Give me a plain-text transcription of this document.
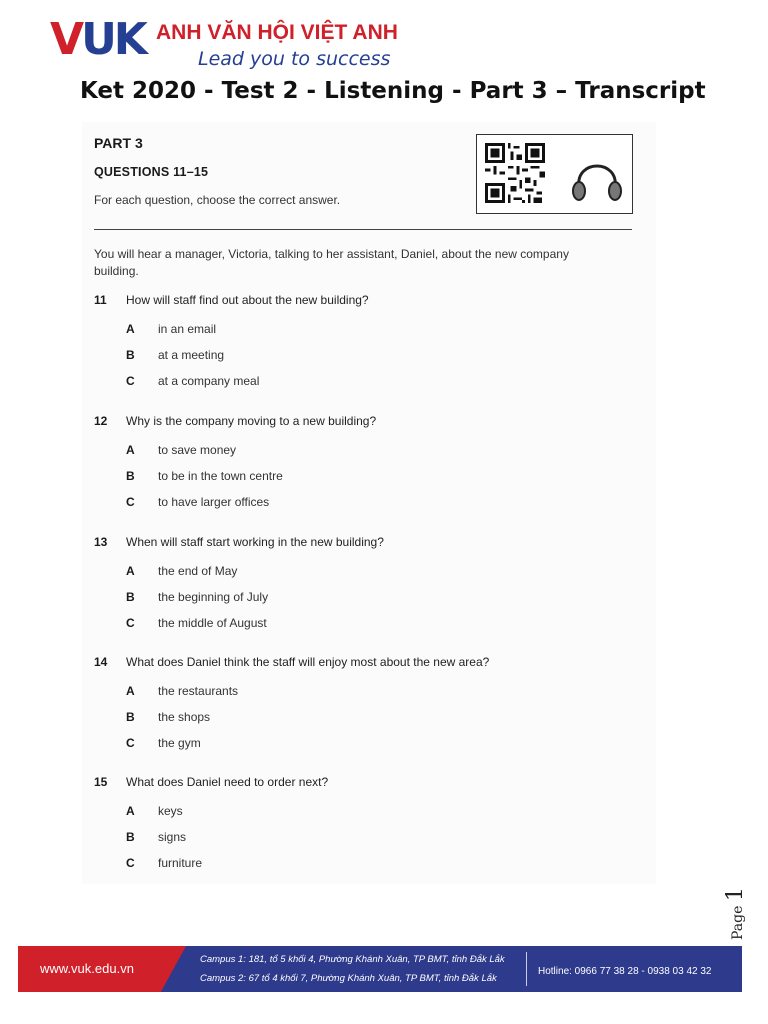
VUK ANH VĂN HỘI VIỆT ANH
Lead you to success
Ket 2020 - Test 2 - Listening - Part 3 – Transcript
PART 3
QUESTIONS 11–15
For each question, choose the correct answer.
You will hear a manager, Victoria, talking to her assistant, Daniel, about the new company building.
11 How will staff find out about the new building?
A in an email
B at a meeting
C at a company meal
12 Why is the company moving to a new building?
A to save money
B to be in the town centre
C to have larger offices
13 When will staff start working in the new building?
A the end of May
B the beginning of July
C the middle of August
14 What does Daniel think the staff will enjoy most about the new area?
A the restaurants
B the shops
C the gym
15 What does Daniel need to order next?
A keys
B signs
C furniture
Page 1
www.vuk.edu.vn
Campus 1: 181, tổ 5 khối 4, Phường Khánh Xuân, TP BMT, tỉnh Đắk Lắk
Campus 2: 67 tổ 4 khối 7, Phường Khánh Xuân, TP BMT, tỉnh Đắk Lắk
Hotline: 0966 77 38 28 - 0938 03 42 32
